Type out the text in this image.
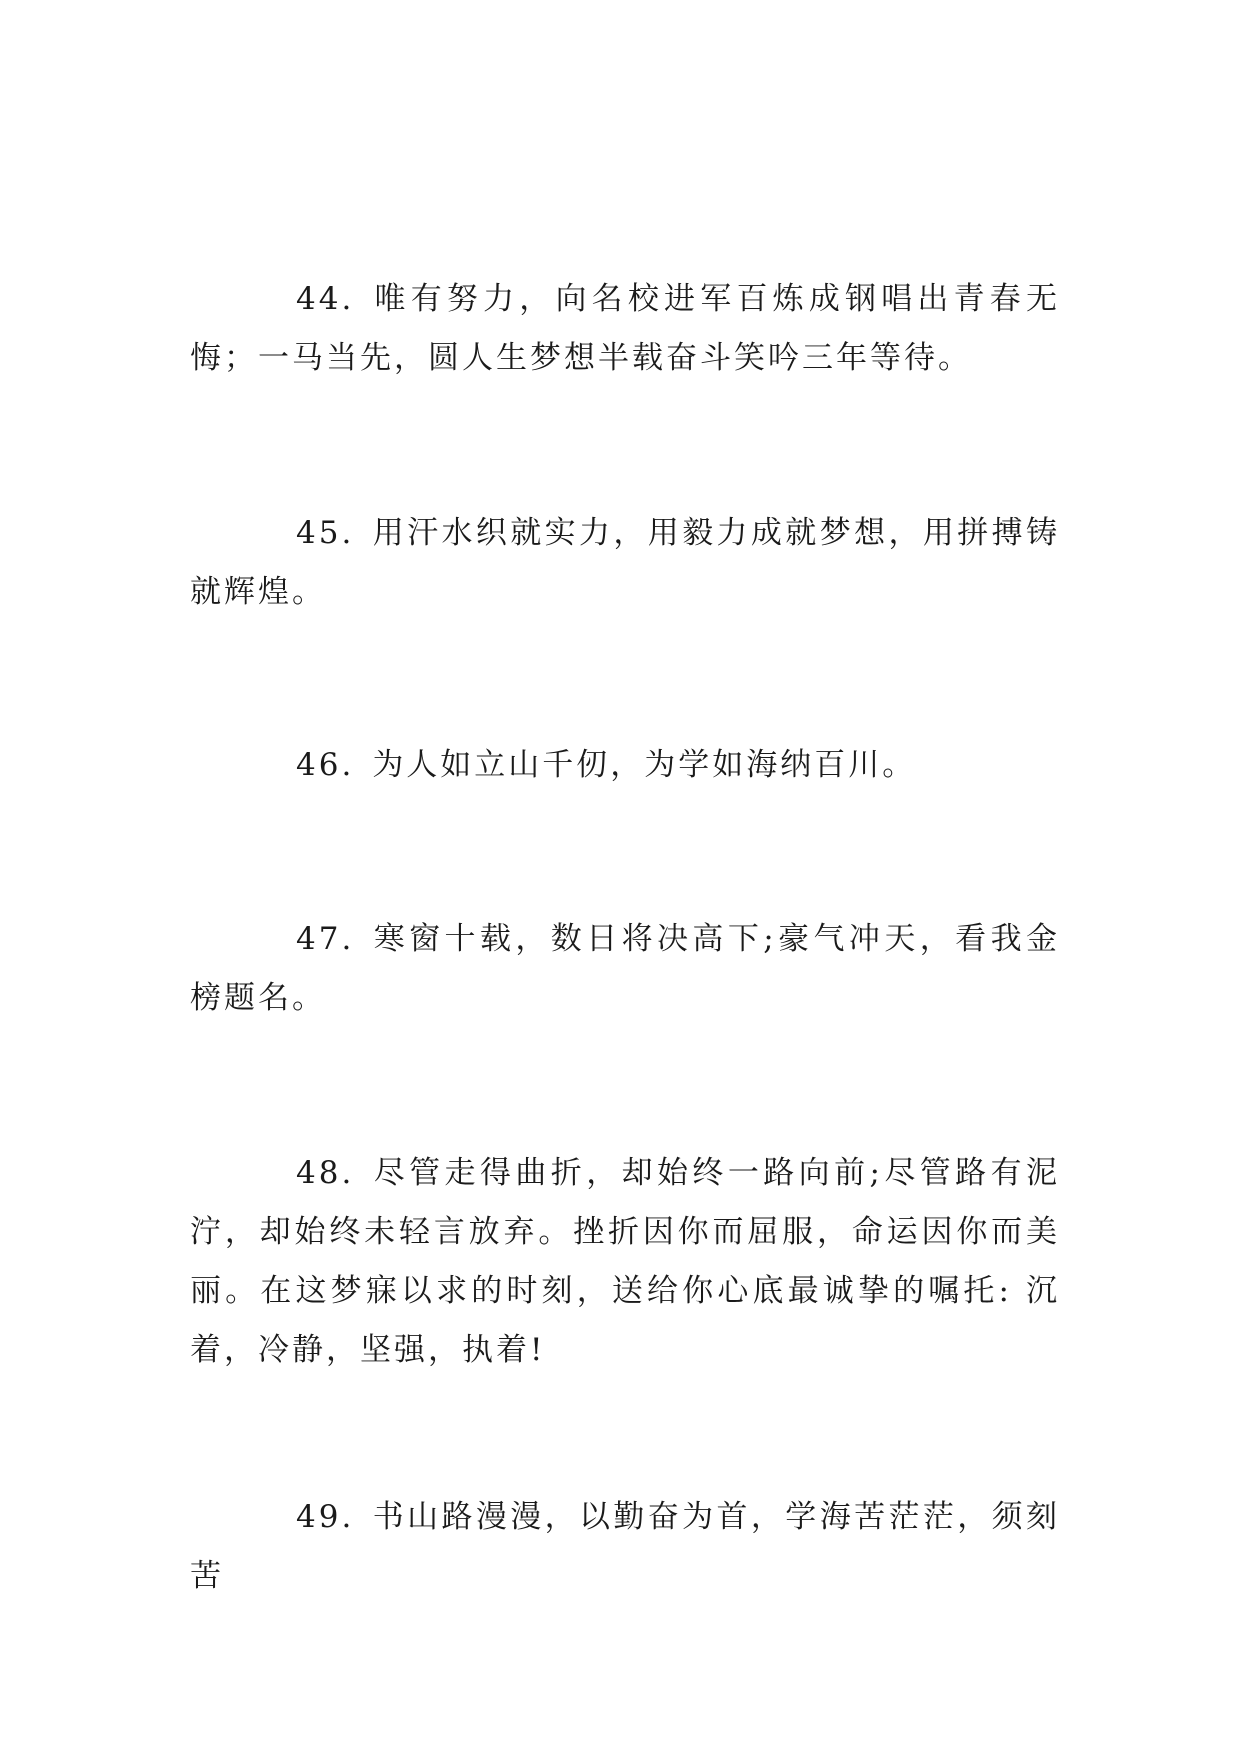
44. 唯有努力，向名校进军百炼成钢唱出青春无悔；一马当先，圆人生梦想半载奋斗笑吟三年等待。

45. 用汗水织就实力，用毅力成就梦想，用拼搏铸就辉煌。

46. 为人如立山千仞，为学如海纳百川。

47. 寒窗十载，数日将决高下;豪气冲天，看我金榜题名。

48. 尽管走得曲折，却始终一路向前;尽管路有泥泞，却始终未轻言放弃。挫折因你而屈服，命运因你而美丽。在这梦寐以求的时刻，送给你心底最诚挚的嘱托: 沉着，冷静，坚强，执着!

49. 书山路漫漫，以勤奋为首，学海苦茫茫，须刻苦
